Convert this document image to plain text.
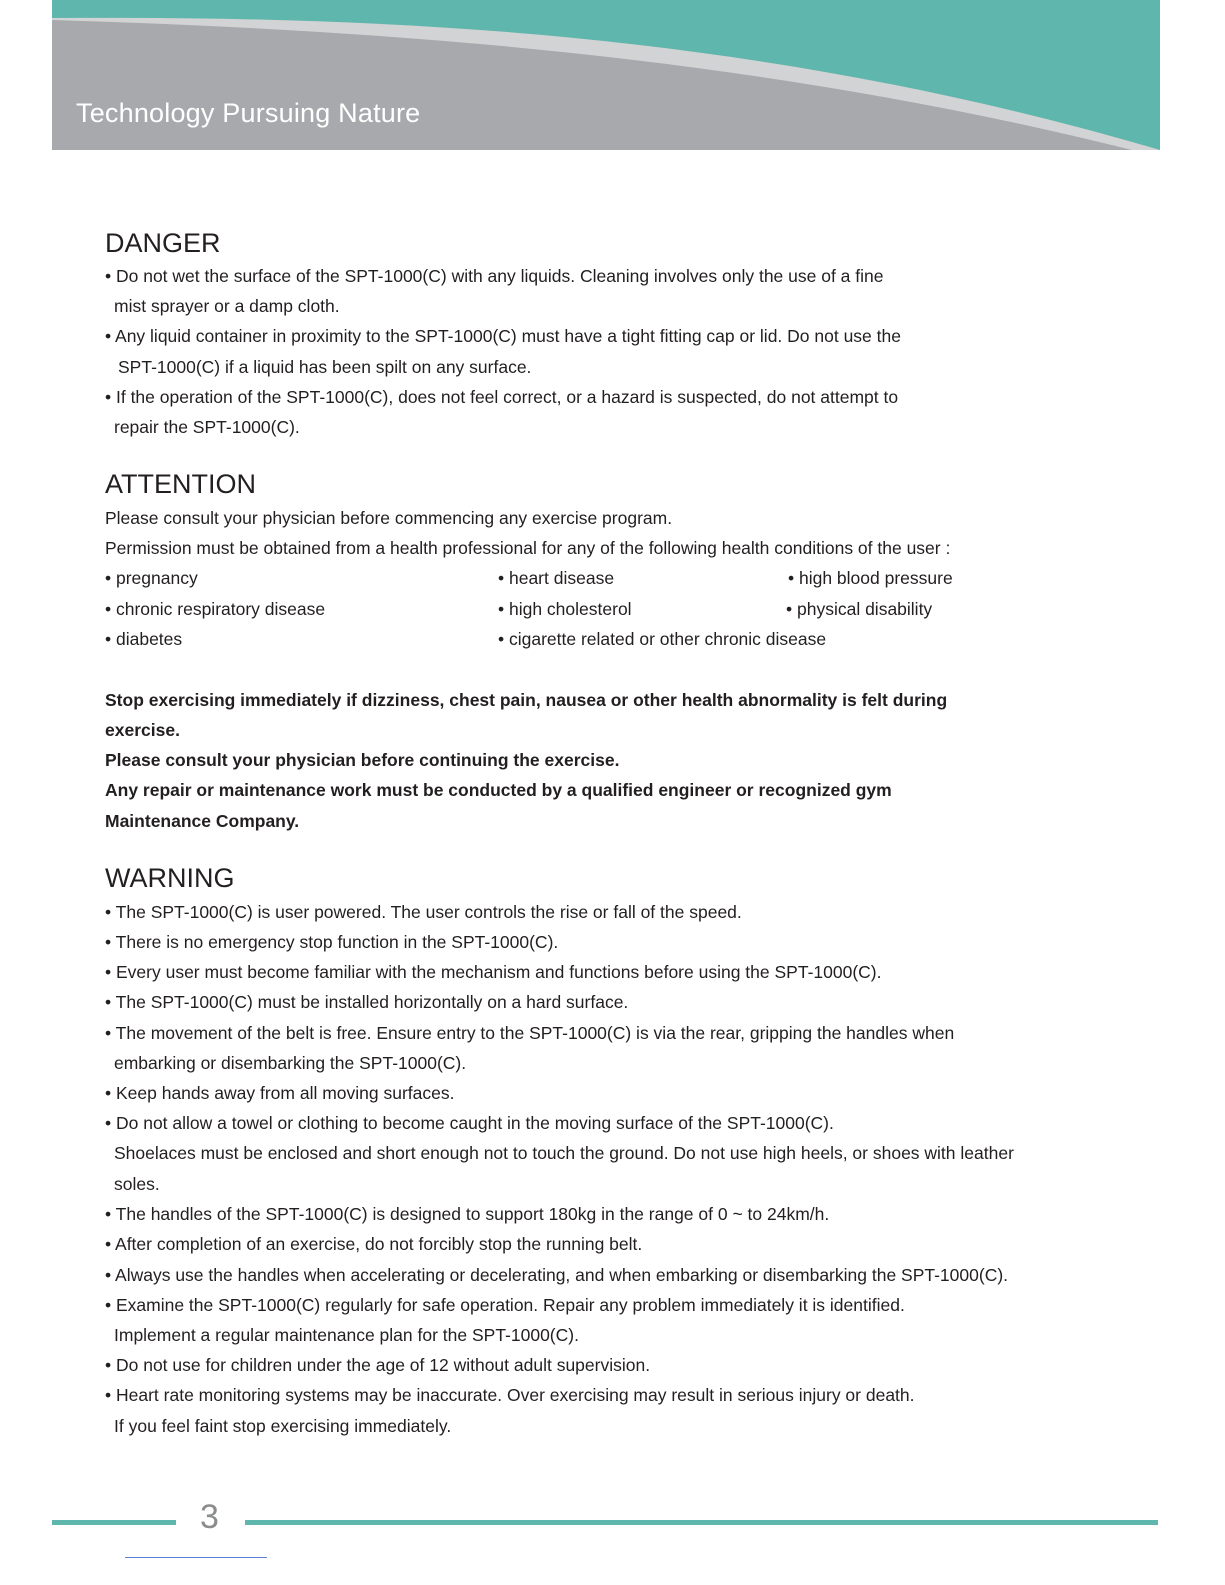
Technology Pursuing Nature
DANGER
• Do not wet the surface of the SPT-1000(C) with any liquids. Cleaning involves only the use of a fine
mist sprayer or a damp cloth.
• Any liquid container in proximity to the SPT-1000(C) must have a tight fitting cap or lid. Do not use the
SPT-1000(C) if a liquid has been spilt on any surface.
• If the operation of the SPT-1000(C), does not feel correct, or a hazard is suspected, do not attempt to
repair the SPT-1000(C).
ATTENTION
Please consult your physician before commencing any exercise program.
Permission must be obtained from a health professional for any of the following health conditions of the user :
• pregnancy	• heart disease	• high blood pressure
• chronic respiratory disease	• high cholesterol	• physical disability
• diabetes	• cigarette related or other chronic disease
Stop exercising immediately if dizziness, chest pain, nausea or other health abnormality is felt during
exercise.
Please consult your physician before continuing the exercise.
Any repair or maintenance work must be conducted by a qualified engineer or recognized gym
Maintenance Company.
WARNING
• The SPT-1000(C) is user powered. The user controls the rise or fall of the speed.
• There is no emergency stop function in the SPT-1000(C).
• Every user must become familiar with the mechanism and functions before using the SPT-1000(C).
• The SPT-1000(C) must be installed horizontally on a hard surface.
• The movement of the belt is free. Ensure entry to the SPT-1000(C) is via the rear, gripping the handles when
embarking or disembarking the SPT-1000(C).
• Keep hands away from all moving surfaces.
• Do not allow a towel or clothing to become caught in the moving surface of the SPT-1000(C).
Shoelaces must be enclosed and short enough not to touch the ground. Do not use high heels, or shoes with leather
soles.
• The handles of the SPT-1000(C) is designed to support 180kg in the range of 0 ~ to 24km/h.
• After completion of an exercise, do not forcibly stop the running belt.
• Always use the handles when accelerating or decelerating, and when embarking or disembarking the SPT-1000(C).
• Examine the SPT-1000(C) regularly for safe operation. Repair any problem immediately it is identified.
Implement a regular maintenance plan for the SPT-1000(C).
• Do not use for children under the age of 12 without adult supervision.
• Heart rate monitoring systems may be inaccurate. Over exercising may result in serious injury or death.
If you feel faint stop exercising immediately.
3
